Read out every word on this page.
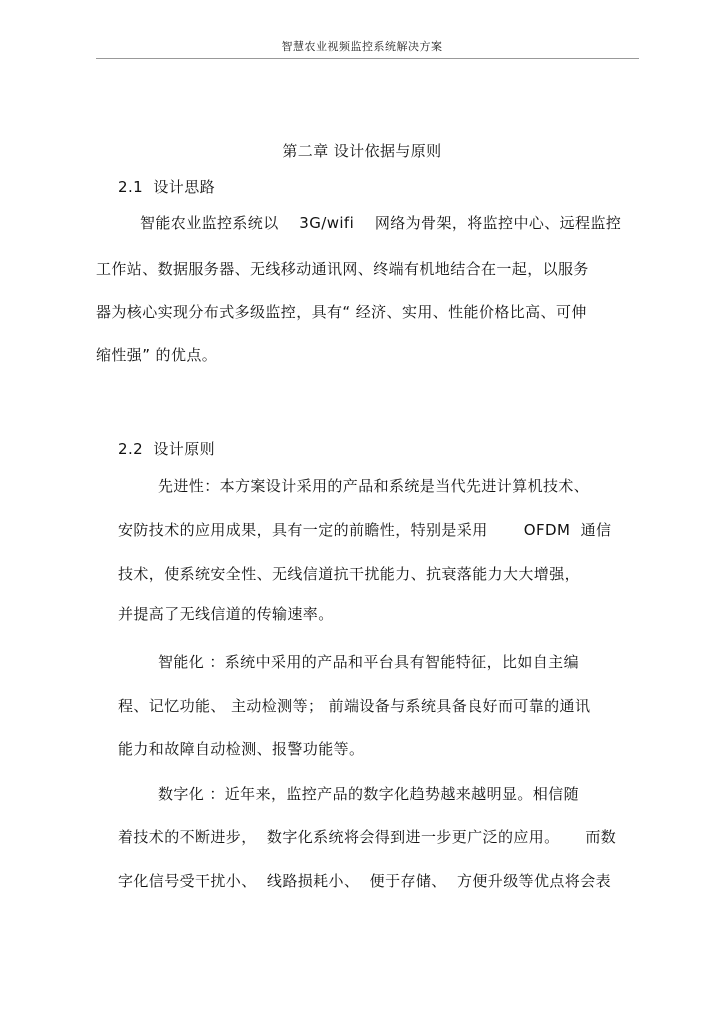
智慧农业视频监控系统解决方案
第二章 设计依据与原则
2.1  设计思路
智能农业监控系统以    3G/wifi    网络为骨架，将监控中心、远程监控
工作站、数据服务器、无线移动通讯网、终端有机地结合在一起，以服务
器为核心实现分布式多级监控，具有“ 经济、实用、性能价格比高、可伸
缩性强” 的优点。
2.2  设计原则
先进性：本方案设计采用的产品和系统是当代先进计算机技术、
安防技术的应用成果，具有一定的前瞻性，特别是采用       OFDM  通信
技术，使系统安全性、无线信道抗干扰能力、抗衰落能力大大增强，
并提高了无线信道的传输速率。
智能化 ：系统中采用的产品和平台具有智能特征，比如自主编
程、记忆功能、 主动检测等； 前端设备与系统具备良好而可靠的通讯
能力和故障自动检测、报警功能等。
数字化 ：近年来，监控产品的数字化趋势越来越明显。相信随
着技术的不断进步，  数字化系统将会得到进一步更广泛的应用。     而数
字化信号受干扰小、  线路损耗小、  便于存储、  方便升级等优点将会表
